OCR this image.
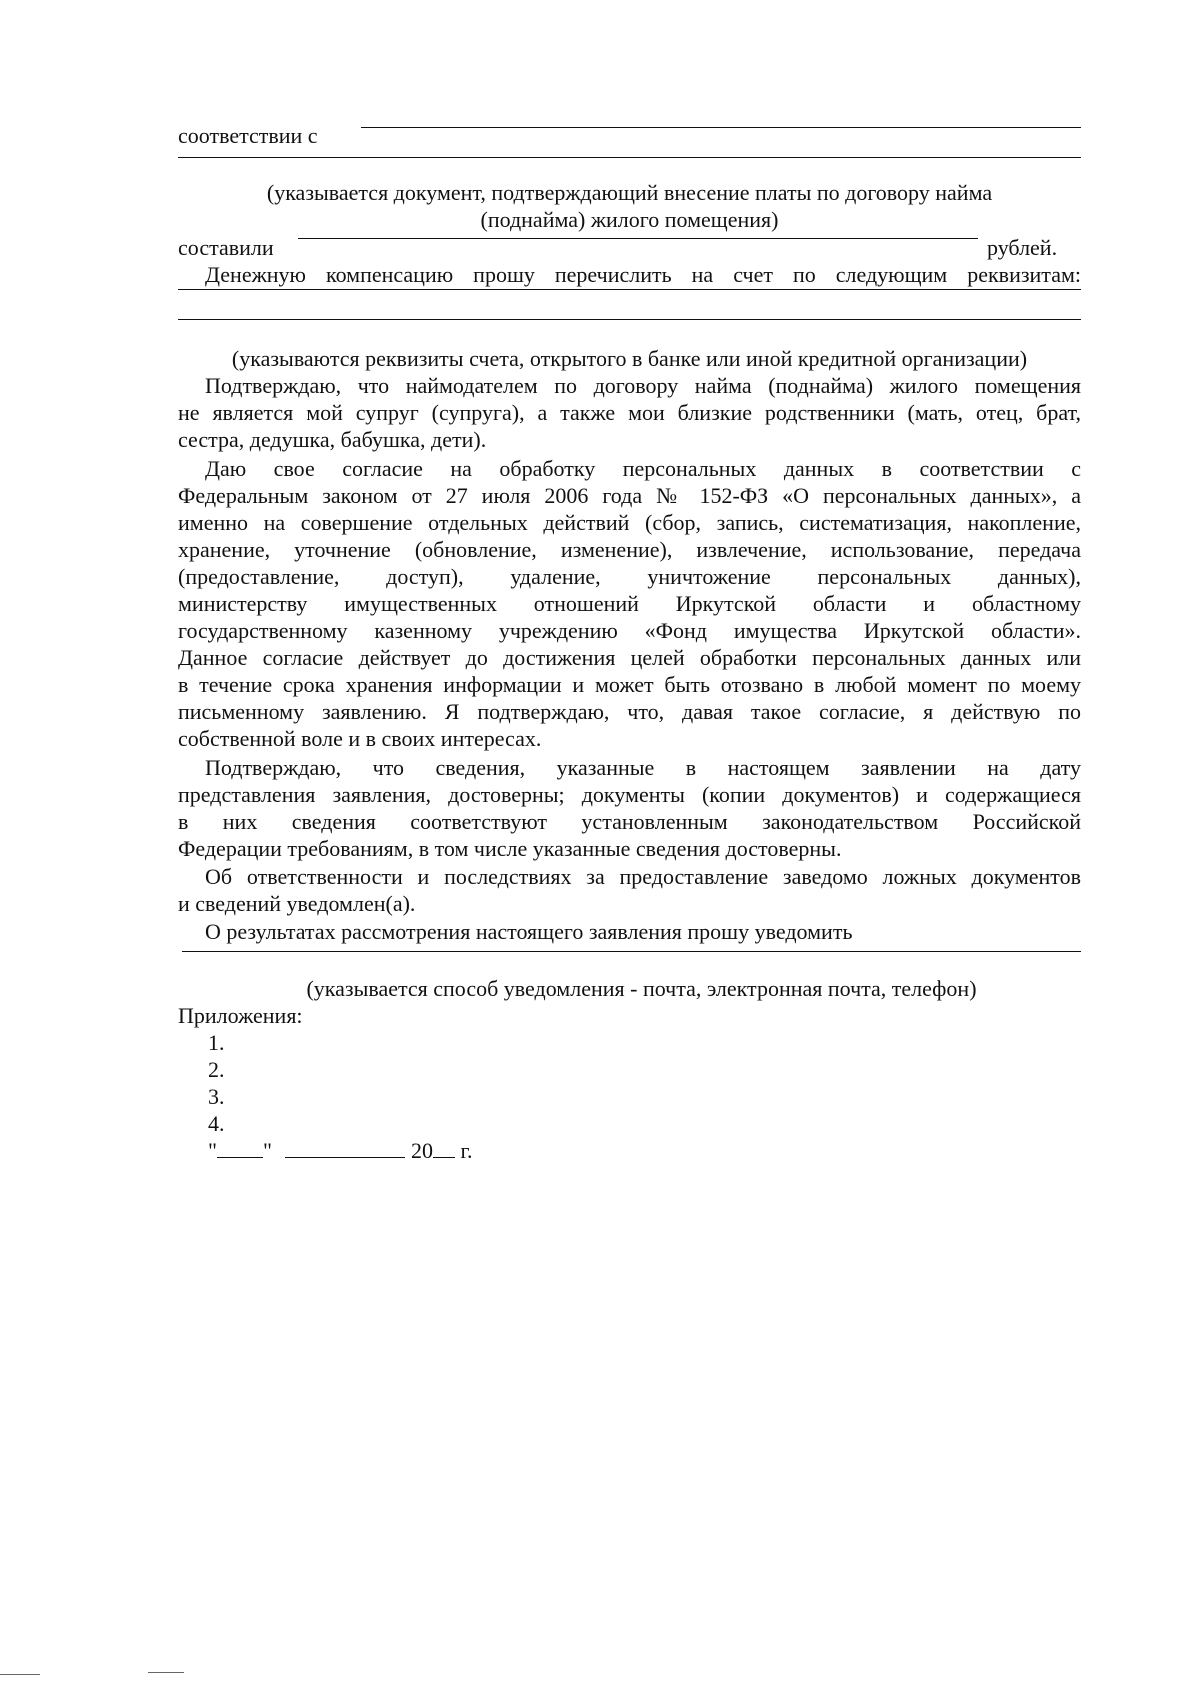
соответствии с
(указывается документ, подтверждающий внесение платы по договору найма
(поднайма) жилого помещения)
составили	рублей.
Денежную компенсацию прошу перечислить на счет по следующим реквизитам:
(указываются реквизиты счета, открытого в банке или иной кредитной организации)
Подтверждаю, что наймодателем по договору найма (поднайма) жилого помещения
не является мой супруг (супруга), а также мои близкие родственники (мать, отец, брат,
сестра, дедушка, бабушка, дети).
Даю свое согласие на обработку персональных данных в соответствии с
Федеральным законом от 27 июля 2006 года № 152-ФЗ «О персональных данных», а
именно на совершение отдельных действий (сбор, запись, систематизация, накопление,
хранение, уточнение (обновление, изменение), извлечение, использование, передача
(предоставление, доступ), удаление, уничтожение персональных данных),
министерству имущественных отношений Иркутской области и областному
государственному казенному учреждению «Фонд имущества Иркутской области».
Данное согласие действует до достижения целей обработки персональных данных или
в течение срока хранения информации и может быть отозвано в любой момент по моему
письменному заявлению. Я подтверждаю, что, давая такое согласие, я действую по
собственной воле и в своих интересах.
Подтверждаю, что сведения, указанные в настоящем заявлении на дату
представления заявления, достоверны; документы (копии документов) и содержащиеся
в них сведения соответствуют установленным законодательством Российской
Федерации требованиям, в том числе указанные сведения достоверны.
Об ответственности и последствиях за предоставление заведомо ложных документов
и сведений уведомлен(а).
О результатах рассмотрения настоящего заявления прошу уведомить
(указывается способ уведомления - почта, электронная почта, телефон)
Приложения:
1.
2.
3.
4.
" "	20 г.
